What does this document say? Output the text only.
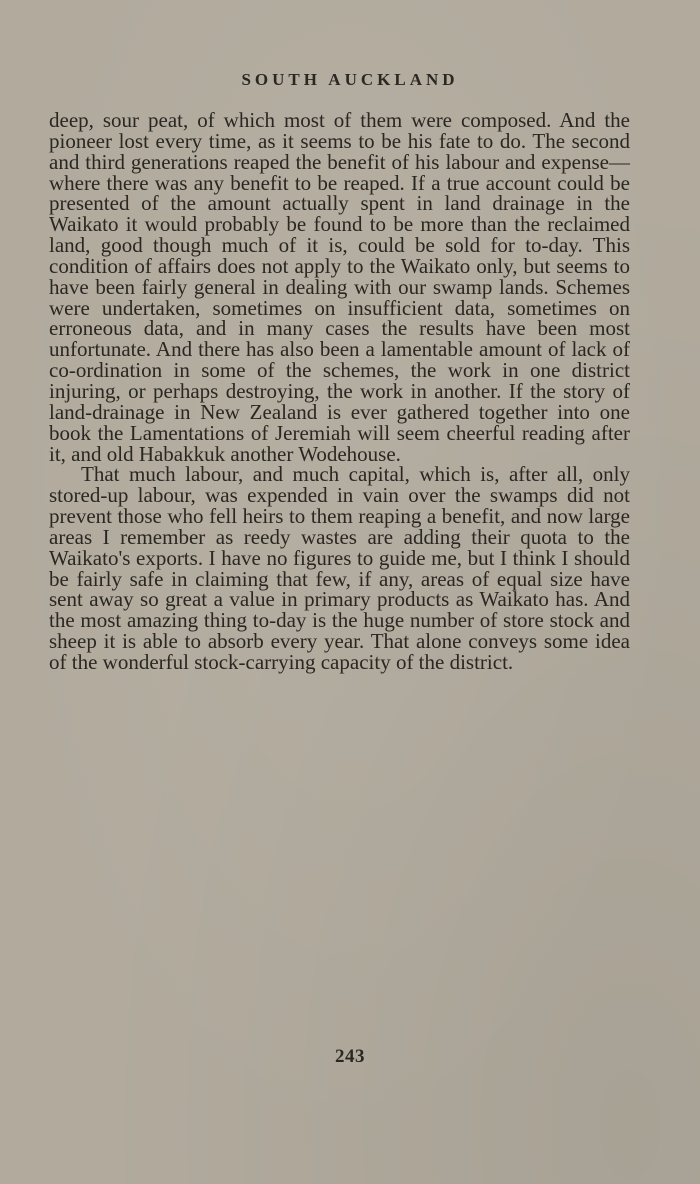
SOUTH AUCKLAND

deep, sour peat, of which most of them were composed. And the pioneer lost every time, as it seems to be his fate to do. The second and third generations reaped the benefit of his labour and expense—where there was any benefit to be reaped. If a true account could be presented of the amount actually spent in land drainage in the Waikato it would probably be found to be more than the reclaimed land, good though much of it is, could be sold for to-day. This condition of affairs does not apply to the Waikato only, but seems to have been fairly general in dealing with our swamp lands. Schemes were undertaken, sometimes on insufficient data, sometimes on erroneous data, and in many cases the results have been most unfortunate. And there has also been a lamentable amount of lack of co-ordination in some of the schemes, the work in one district injuring, or perhaps destroying, the work in another. If the story of land-drainage in New Zealand is ever gathered together into one book the Lamentations of Jeremiah will seem cheerful reading after it, and old Habakkuk another Wodehouse.

That much labour, and much capital, which is, after all, only stored-up labour, was expended in vain over the swamps did not prevent those who fell heirs to them reaping a benefit, and now large areas I remember as reedy wastes are adding their quota to the Waikato's exports. I have no figures to guide me, but I think I should be fairly safe in claiming that few, if any, areas of equal size have sent away so great a value in primary products as Waikato has. And the most amazing thing to-day is the huge number of store stock and sheep it is able to absorb every year. That alone conveys some idea of the wonderful stock-carrying capacity of the district.

243
